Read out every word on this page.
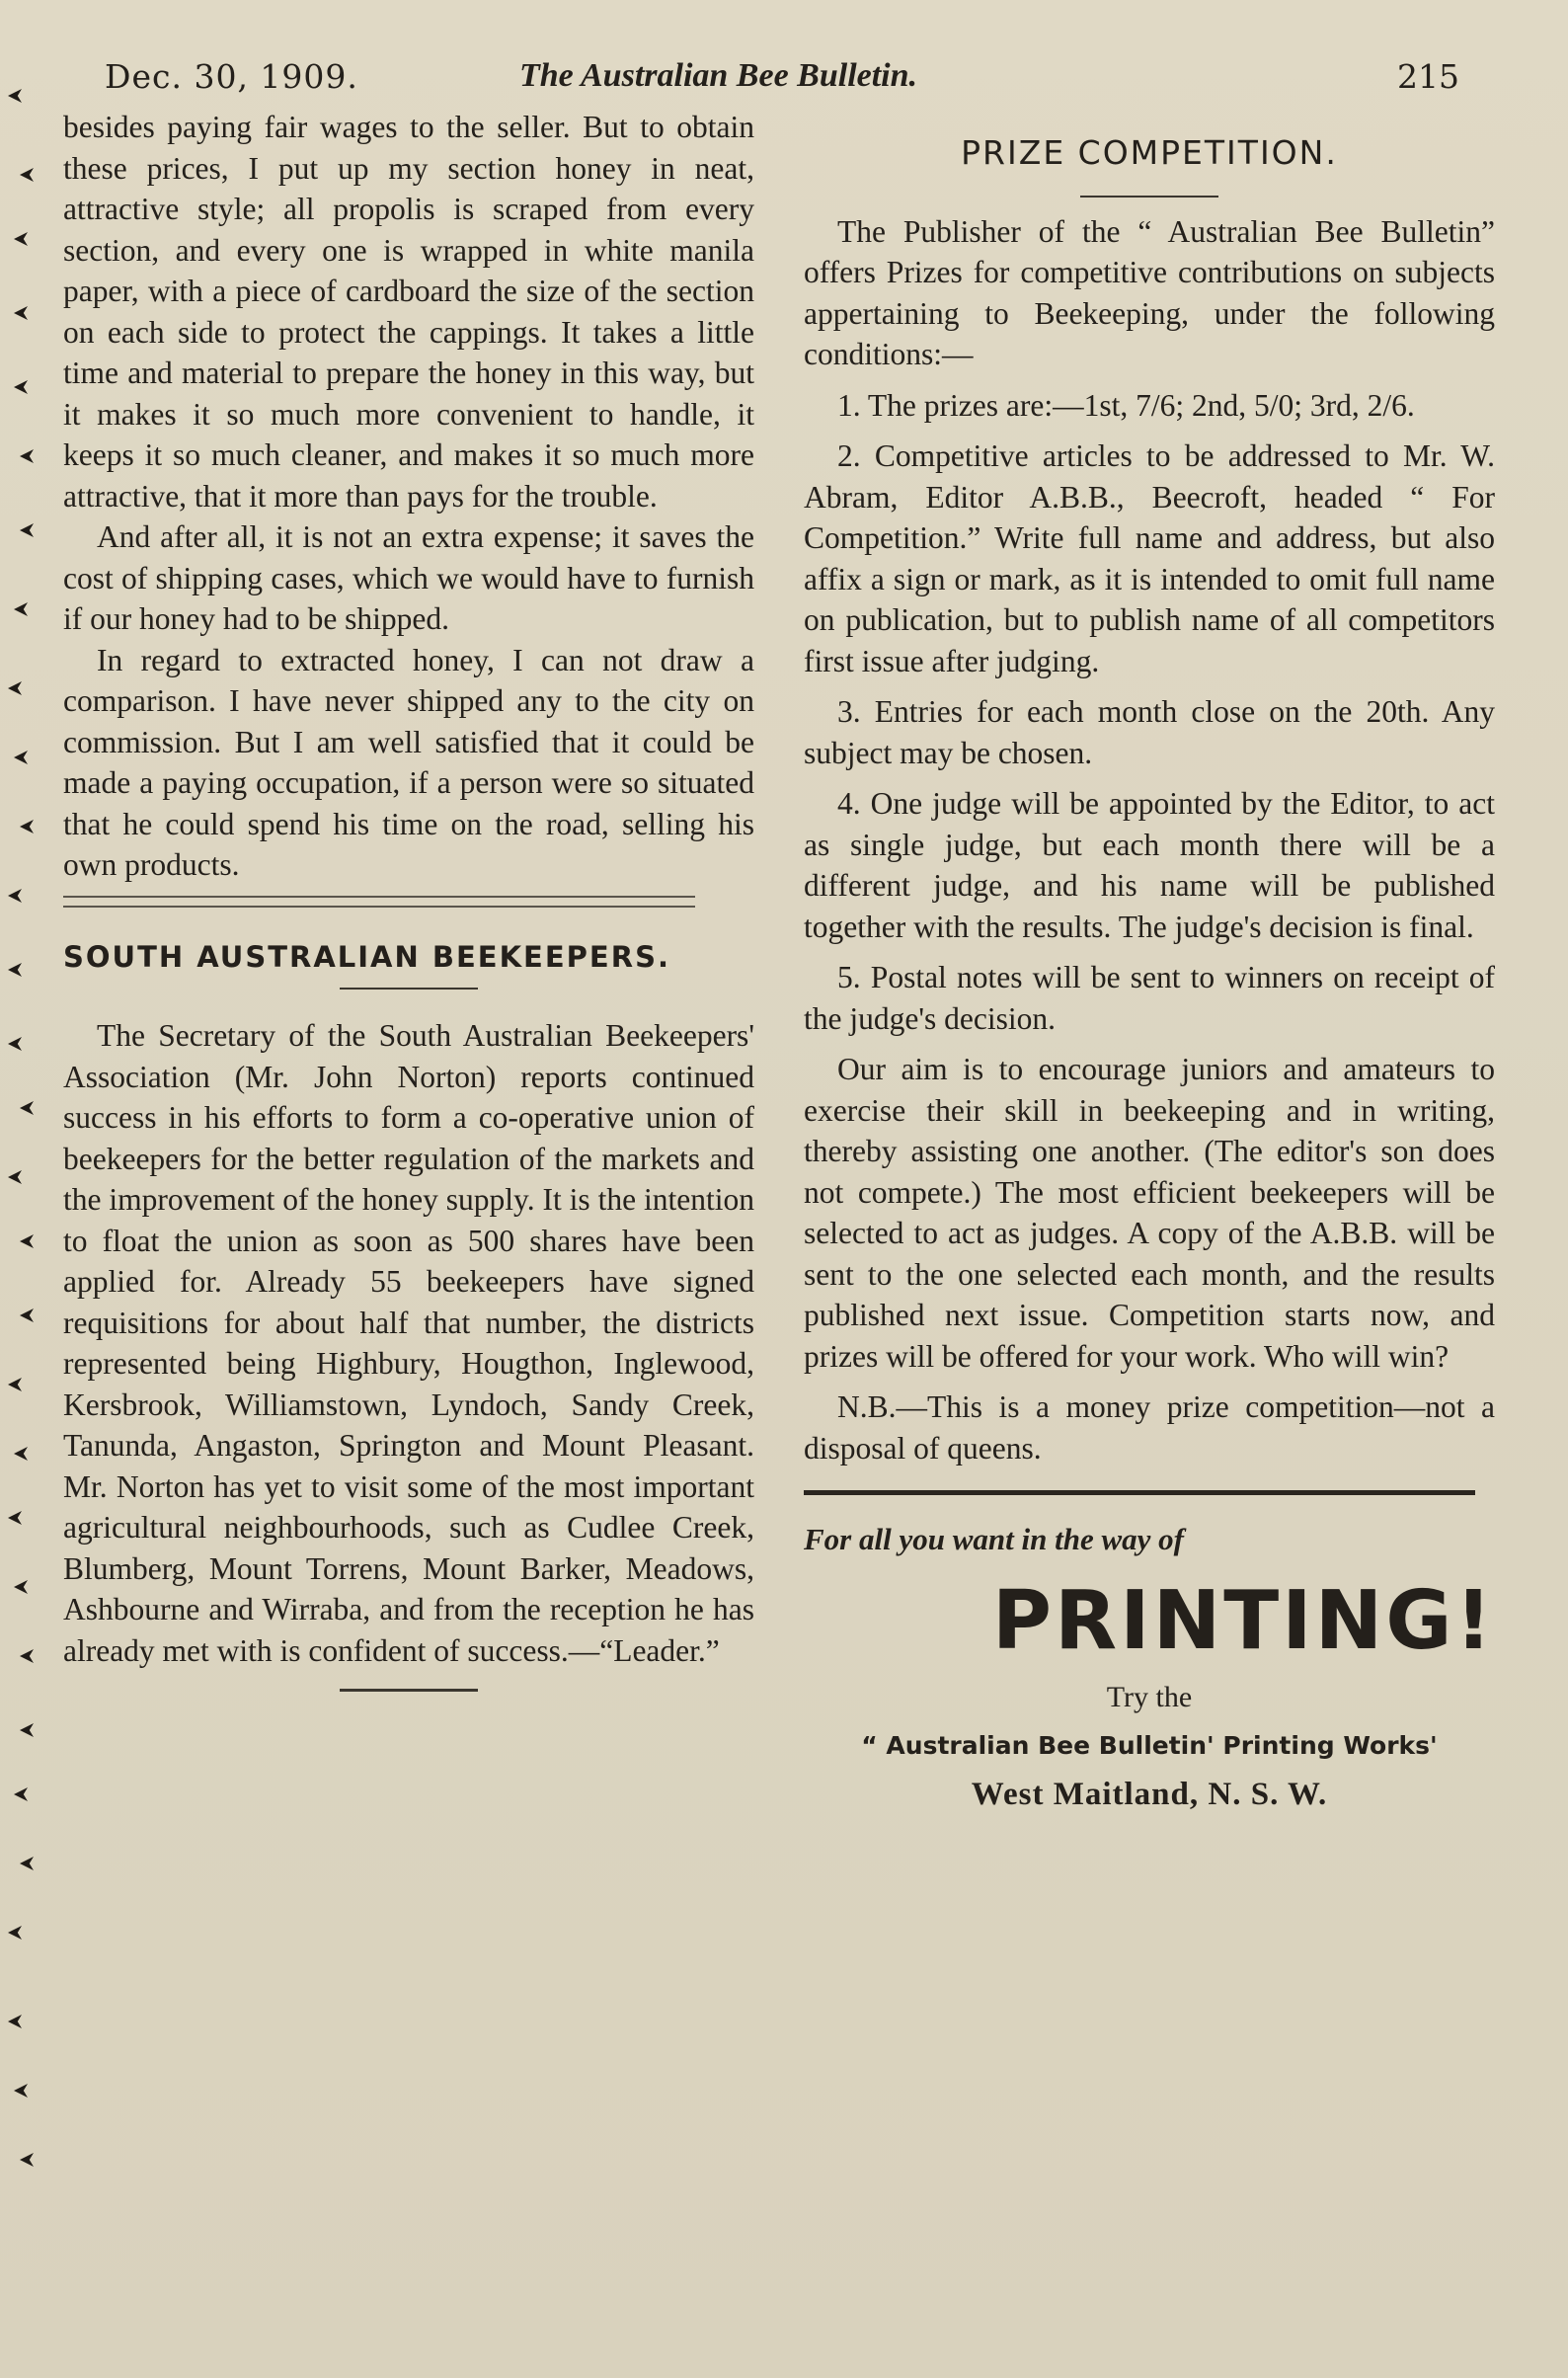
Dec. 30, 1909.	The Australian Bee Bulletin.	215

besides paying fair wages to the seller. But to obtain these prices, I put up my section honey in neat, attractive style; all propolis is scraped from every section, and every one is wrapped in white manila paper, with a piece of cardboard the size of the section on each side to protect the cappings. It takes a little time and material to prepare the honey in this way, but it makes it so much more convenient to handle, it keeps it so much cleaner, and makes it so much more attractive, that it more than pays for the trouble.

And after all, it is not an extra expense; it saves the cost of shipping cases, which we would have to furnish if our honey had to be shipped.

In regard to extracted honey, I can not draw a comparison. I have never shipped any to the city on commission. But I am well satisfied that it could be made a paying occupation, if a person were so situated that he could spend his time on the road, selling his own products.

SOUTH AUSTRALIAN BEEKEEPERS.

The Secretary of the South Australian Beekeepers' Association (Mr. John Norton) reports continued success in his efforts to form a co-operative union of beekeepers for the better regulation of the markets and the improvement of the honey supply. It is the intention to float the union as soon as 500 shares have been applied for. Already 55 beekeepers have signed requisitions for about half that number, the districts represented being Highbury, Hougthon, Inglewood, Kersbrook, Williamstown, Lyndoch, Sandy Creek, Tanunda, Angaston, Springton and Mount Pleasant. Mr. Norton has yet to visit some of the most important agricultural neighbourhoods, such as Cudlee Creek, Blumberg, Mount Torrens, Mount Barker, Meadows, Ashbourne and Wirraba, and from the reception he has already met with is confident of success.—“Leader.”

PRIZE COMPETITION.

The Publisher of the “ Australian Bee Bulletin” offers Prizes for competitive contributions on subjects appertaining to Beekeeping, under the following conditions:—

1. The prizes are:—1st, 7/6; 2nd, 5/0; 3rd, 2/6.

2. Competitive articles to be addressed to Mr. W. Abram, Editor A.B.B., Beecroft, headed “ For Competition.” Write full name and address, but also affix a sign or mark, as it is intended to omit full name on publication, but to publish name of all competitors first issue after judging.

3. Entries for each month close on the 20th. Any subject may be chosen.

4. One judge will be appointed by the Editor, to act as single judge, but each month there will be a different judge, and his name will be published together with the results. The judge's decision is final.

5. Postal notes will be sent to winners on receipt of the judge's decision.

Our aim is to encourage juniors and amateurs to exercise their skill in beekeeping and in writing, thereby assisting one another. (The editor's son does not compete.) The most efficient beekeepers will be selected to act as judges. A copy of the A.B.B. will be sent to the one selected each month, and the results published next issue. Competition starts now, and prizes will be offered for your work. Who will win?

N.B.—This is a money prize competition—not a disposal of queens.

For all you want in the way of
PRINTING!
Try the
“ Australian Bee Bulletin' Printing Works'
West Maitland, N. S. W.
